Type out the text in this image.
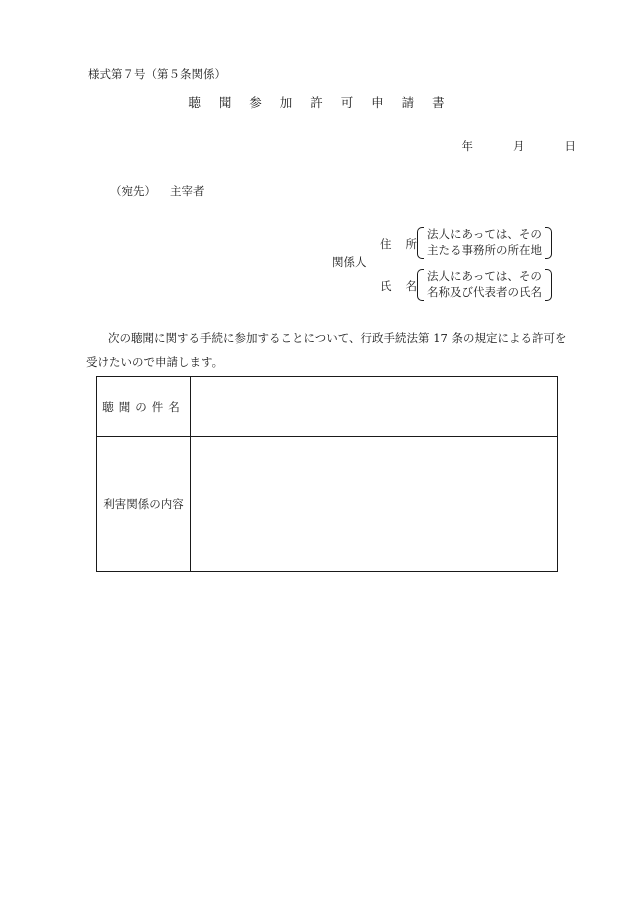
様式第７号（第５条関係）
聴 聞 参 加 許 可 申 請 書
年	月	日
（宛先） 主宰者
関係人
住所
法人にあっては、その
主たる事務所の所在地
氏名
法人にあっては、その
名称及び代表者の氏名
次の聴聞に関する手続に参加することについて、行政手続法第 17 条の規定による許可を受けたいので申請します。
聴聞の件名	
利害関係の内容	
